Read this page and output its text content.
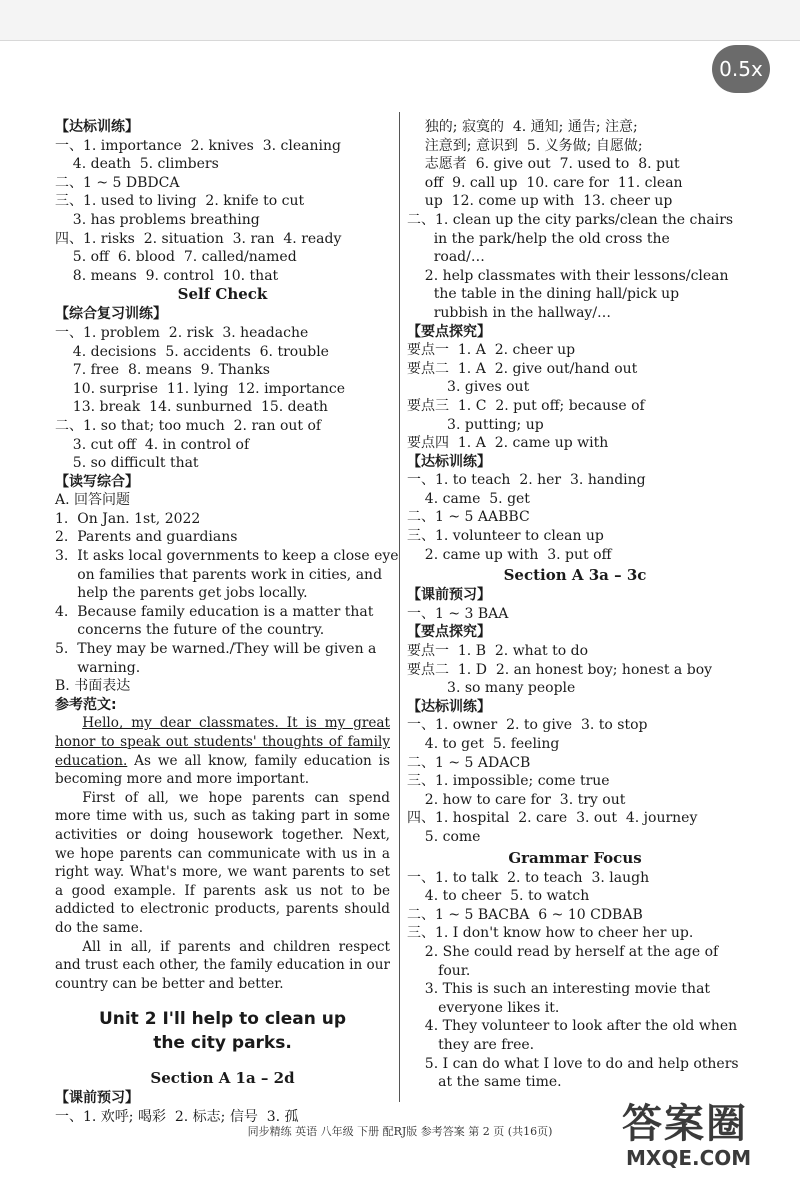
0.5x
【达标训练】
一、1. importance  2. knives  3. cleaning
4. death  5. climbers
二、1 ~ 5 DBDCA
三、1. used to living  2. knife to cut
3. has problems breathing
四、1. risks  2. situation  3. ran  4. ready
5. off  6. blood  7. called/named
8. means  9. control  10. that
Self Check
【综合复习训练】
一、1. problem  2. risk  3. headache
4. decisions  5. accidents  6. trouble
7. free  8. means  9. Thanks
10. surprise  11. lying  12. importance
13. break  14. sunburned  15. death
二、1. so that; too much  2. ran out of
3. cut off  4. in control of
5. so difficult that
【读写综合】
A. 回答问题
1.  On Jan. 1st, 2022
2.  Parents and guardians
3.  It asks local governments to keep a close eye
on families that parents work in cities, and
help the parents get jobs locally.
4.  Because family education is a matter that
concerns the future of the country.
5.  They may be warned./They will be given a
warning.
B. 书面表达
参考范文:

Hello, my dear classmates. It is my great honor to speak out students' thoughts of family education. As we all know, family education is becoming more and more important.

First of all, we hope parents can spend more time with us, such as taking part in some activities or doing housework together. Next, we hope parents can communicate with us in a right way. What's more, we want parents to set a good example. If parents ask us not to be addicted to electronic products, parents should do the same.

All in all, if parents and children respect and trust each other, the family education in our country can be better and better.

Unit 2 I'll help to clean up
the city parks.
Section A 1a – 2d
【课前预习】
一、1. 欢呼; 喝彩  2. 标志; 信号  3. 孤
独的; 寂寞的  4. 通知; 通告; 注意;
注意到; 意识到  5. 义务做; 自愿做;
志愿者  6. give out  7. used to  8. put
off  9. call up  10. care for  11. clean
up  12. come up with  13. cheer up
二、1. clean up the city parks/clean the chairs
in the park/help the old cross the
road/…
2. help classmates with their lessons/clean
the table in the dining hall/pick up
rubbish in the hallway/…
【要点探究】
要点一  1. A  2. cheer up
要点二  1. A  2. give out/hand out
3. gives out
要点三  1. C  2. put off; because of
3. putting; up
要点四  1. A  2. came up with
【达标训练】
一、1. to teach  2. her  3. handing
4. came  5. get
二、1 ~ 5 AABBC
三、1. volunteer to clean up
2. came up with  3. put off
Section A 3a – 3c
【课前预习】
一、1 ~ 3 BAA
【要点探究】
要点一  1. B  2. what to do
要点二  1. D  2. an honest boy; honest a boy
3. so many people
【达标训练】
一、1. owner  2. to give  3. to stop
4. to get  5. feeling
二、1 ~ 5 ADACB
三、1. impossible; come true
2. how to care for  3. try out
四、1. hospital  2. care  3. out  4. journey
5. come
Grammar Focus
一、1. to talk  2. to teach  3. laugh
4. to cheer  5. to watch
二、1 ~ 5 BACBA  6 ~ 10 CDBAB
三、1. I don't know how to cheer her up.
2. She could read by herself at the age of
four.
3. This is such an interesting movie that
everyone likes it.
4. They volunteer to look after the old when
they are free.
5. I can do what I love to do and help others
at the same time.
同步精练 英语 八年级 下册 配RJ版 参考答案 第 2 页 (共16页)	答案圈
MXQE.COM
